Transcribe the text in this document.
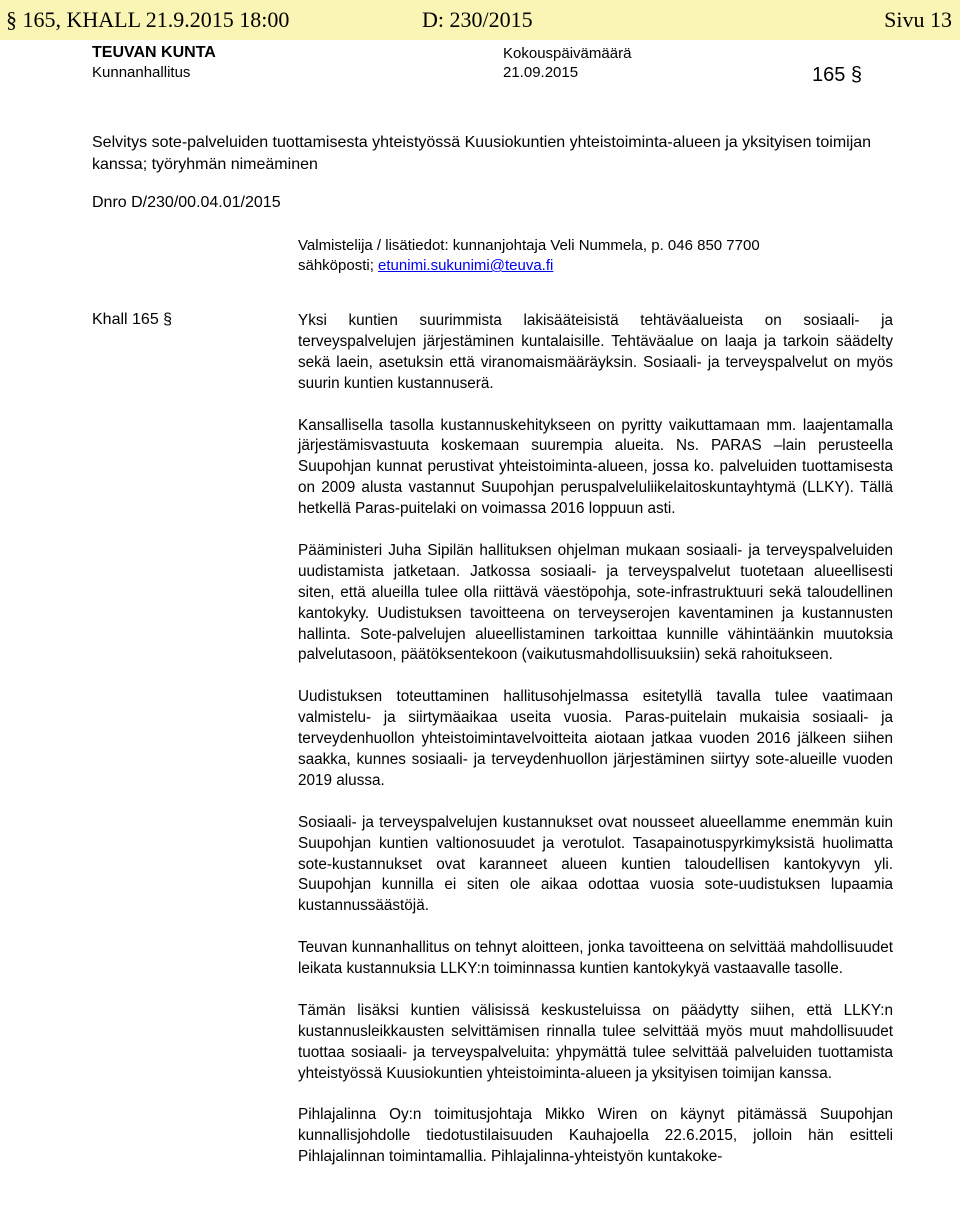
§ 165, KHALL 21.9.2015 18:00	D: 230/2015	Sivu 13
TEUVAN KUNTA
Kunnanhallitus
Kokouspäivämäärä
21.09.2015	165 §
Selvitys sote-palveluiden tuottamisesta yhteistyössä Kuusiokuntien yhteistoiminta-alueen ja yksityisen toimijan kanssa; työryhmän nimeäminen
Dnro D/230/00.04.01/2015
Valmistelija / lisätiedot: kunnanjohtaja Veli Nummela, p. 046 850 7700
sähköposti; etunimi.sukunimi@teuva.fi
Khall 165 §	Yksi kuntien suurimmista lakisääteisistä tehtäväalueista on sosiaali- ja terveyspalvelujen järjestäminen kuntalaisille. Tehtäväalue on laaja ja tarkoin säädelty sekä laein, asetuksin että viranomaismääräyksin. Sosiaali- ja terveyspalvelut on myös suurin kuntien kustannuserä.

Kansallisella tasolla kustannuskehitykseen on pyritty vaikuttamaan mm. laajentamalla järjestämisvastuuta koskemaan suurempia alueita. Ns. PARAS –lain perusteella Suupohjan kunnat perustivat yhteistoiminta-alueen, jossa ko. palveluiden tuottamisesta on 2009 alusta vastannut Suupohjan peruspalveluliikelaitoskuntayhtymä (LLKY). Tällä hetkellä Paras-puitelaki on voimassa 2016 loppuun asti.

Pääministeri Juha Sipilän hallituksen ohjelman mukaan sosiaali- ja terveyspalveluiden uudistamista jatketaan. Jatkossa sosiaali- ja terveyspalvelut tuotetaan alueellisesti siten, että alueilla tulee olla riittävä väestöpohja, sote-infrastruktuuri sekä taloudellinen kantokyky. Uudistuksen tavoitteena on terveyserojen kaventaminen ja kustannusten hallinta. Sote-palvelujen alueellistaminen tarkoittaa kunnille vähintäänkin muutoksia palvelutasoon, päätöksentekoon (vaikutusmahdollisuuksiin) sekä rahoitukseen.

Uudistuksen toteuttaminen hallitusohjelmassa esitetyllä tavalla tulee vaatimaan valmistelu- ja siirtymäaikaa useita vuosia. Paras-puitelain mukaisia sosiaali- ja terveydenhuollon yhteistoimintavelvoitteita aiotaan jatkaa vuoden 2016 jälkeen siihen saakka, kunnes sosiaali- ja terveydenhuollon järjestäminen siirtyy sote-alueille vuoden 2019 alussa.

Sosiaali- ja terveyspalvelujen kustannukset ovat nousseet alueellamme enemmän kuin Suupohjan kuntien valtionosuudet ja verotulot. Tasapainotuspyrkimyksistä huolimatta sote-kustannukset ovat karanneet alueen kuntien taloudellisen kantokyvyn yli. Suupohjan kunnilla ei siten ole aikaa odottaa vuosia sote-uudistuksen lupaamia kustannussäästöjä.

Teuvan kunnanhallitus on tehnyt aloitteen, jonka tavoitteena on selvittää mahdollisuudet leikata kustannuksia LLKY:n toiminnassa kuntien kantokykyä vastaavalle tasolle.

Tämän lisäksi kuntien välisissä keskusteluissa on päädytty siihen, että LLKY:n kustannusleikkausten selvittämisen rinnalla tulee selvittää myös muut mahdollisuudet tuottaa sosiaali- ja terveyspalveluita: yhpymättä tulee selvittää palveluiden tuottamista yhteistyössä Kuusiokuntien yhteistoiminta-alueen ja yksityisen toimijan kanssa.

Pihlajalinna Oy:n toimitusjohtaja Mikko Wiren on käynyt pitämässä Suupohjan kunnallisjohdolle tiedotustilaisuuden Kauhajoella 22.6.2015, jolloin hän esitteli Pihlajalinnan toimintamallia. Pihlajalinna-yhteistyön kuntakoke-
